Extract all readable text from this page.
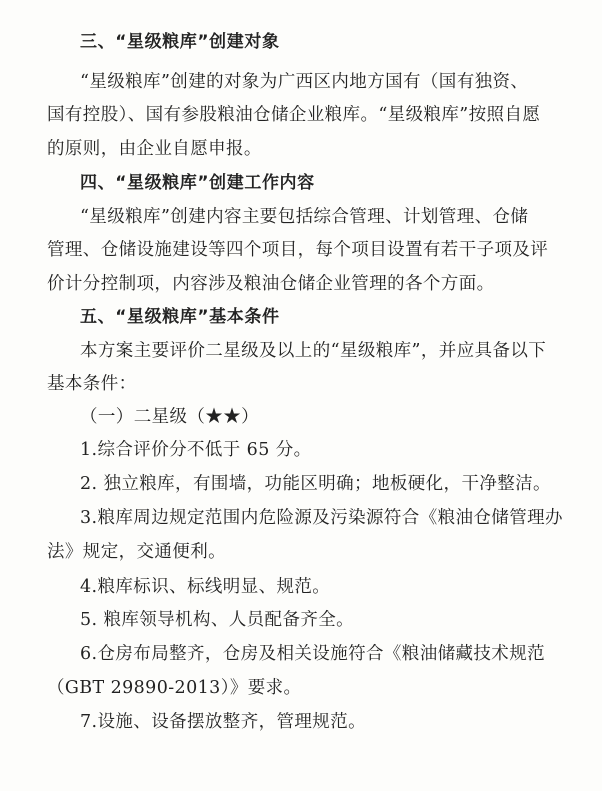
三、“星级粮库”创建对象
“星级粮库”创建的对象为广西区内地方国有（国有独资、
国有控股）、国有参股粮油仓储企业粮库。“星级粮库”按照自愿
的原则，由企业自愿申报。
四、“星级粮库”创建工作内容
“星级粮库”创建内容主要包括综合管理、计划管理、仓储
管理、仓储设施建设等四个项目，每个项目设置有若干子项及评
价计分控制项，内容涉及粮油仓储企业管理的各个方面。
五、“星级粮库”基本条件
本方案主要评价二星级及以上的“星级粮库”，并应具备以下
基本条件：
（一）二星级（★★）
1.综合评价分不低于 65 分。
2. 独立粮库，有围墙，功能区明确；地板硬化，干净整洁。
3.粮库周边规定范围内危险源及污染源符合《粮油仓储管理办
法》规定，交通便利。
4.粮库标识、标线明显、规范。
5. 粮库领导机构、人员配备齐全。
6.仓房布局整齐，仓房及相关设施符合《粮油储藏技术规范
（GBT 29890-2013）》要求。
7.设施、设备摆放整齐，管理规范。
